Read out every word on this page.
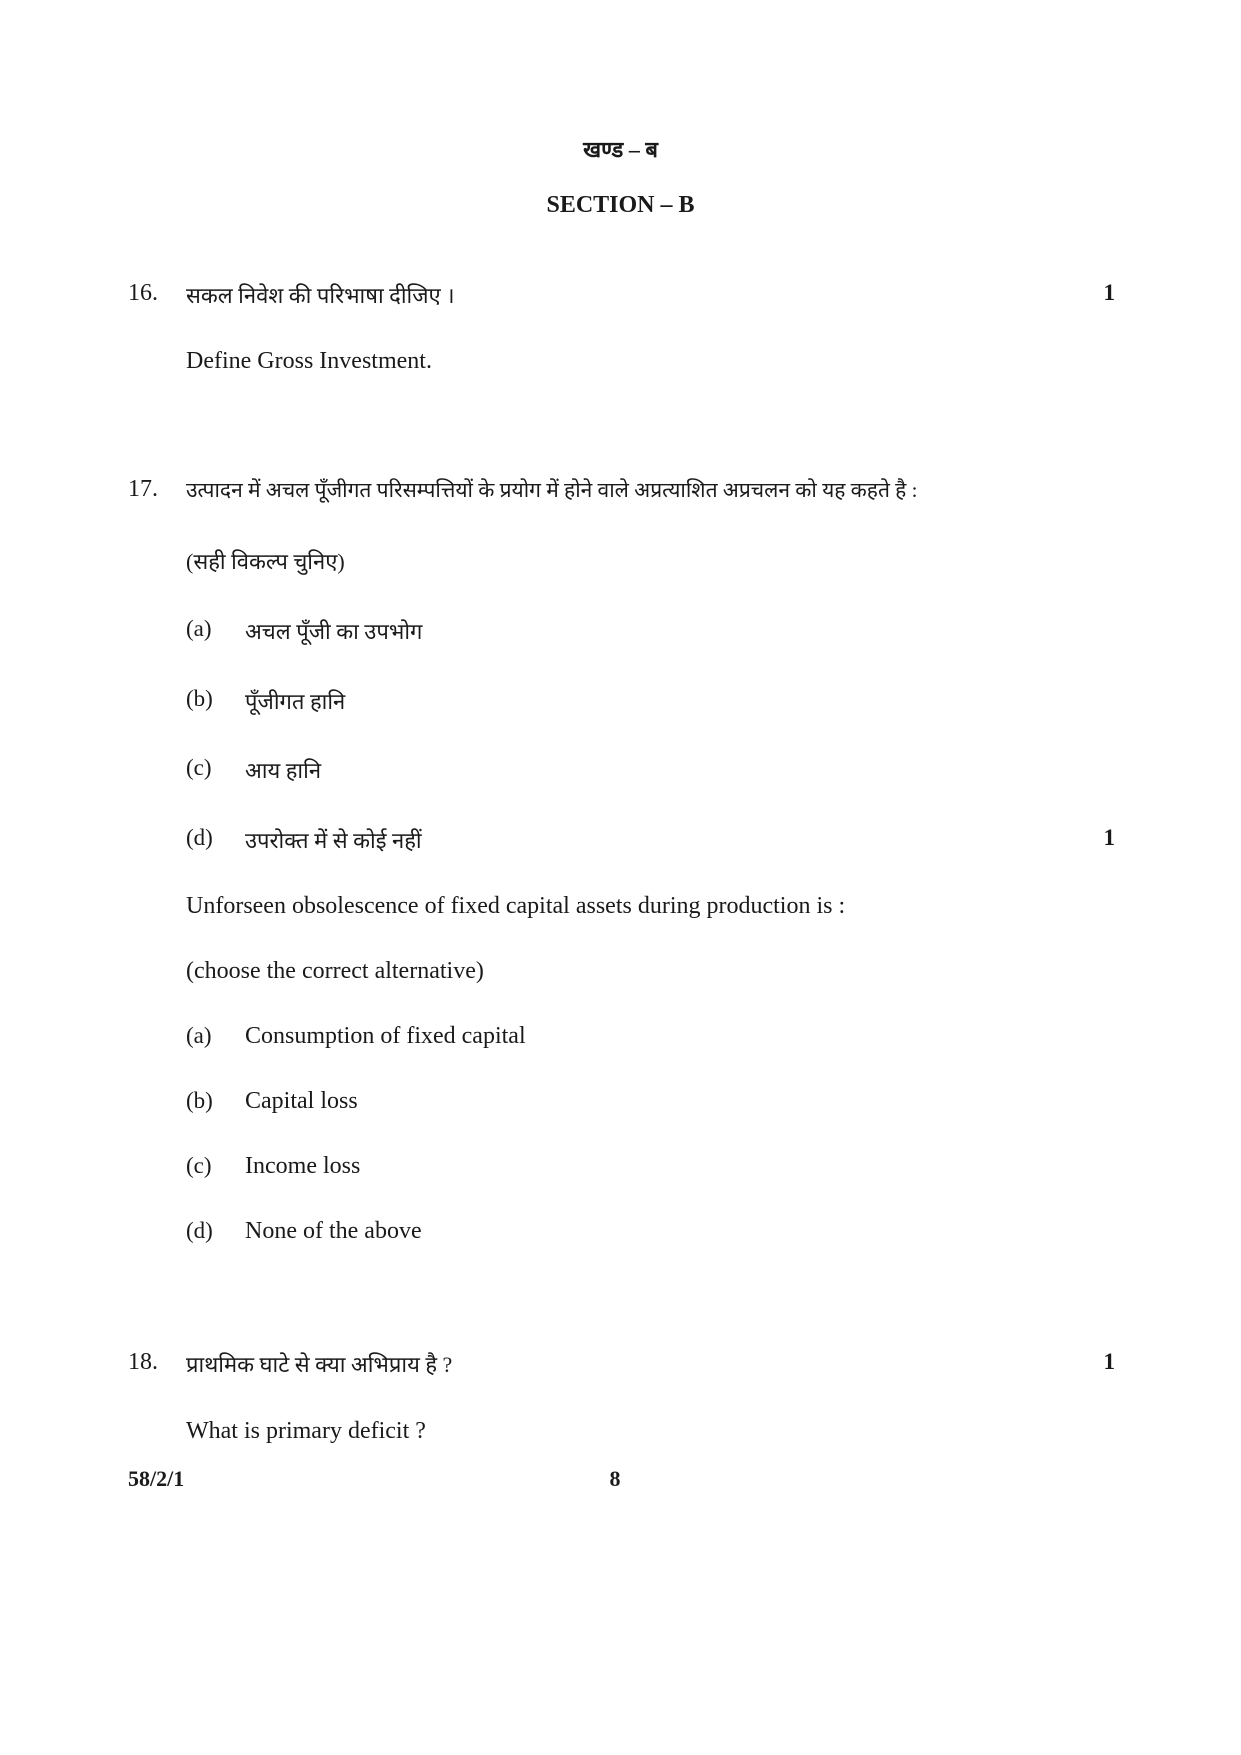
खण्ड – ब
SECTION – B
16. सकल निवेश की परिभाषा दीजिए ।	1
Define Gross Investment.
17. उत्पादन में अचल पूँजीगत परिसम्पत्तियों के प्रयोग में होने वाले अप्रत्याशित अप्रचलन को यह कहते है :
(सही विकल्प चुनिए)
(a) अचल पूँजी का उपभोग
(b) पूँजीगत हानि
(c) आय हानि
(d) उपरोक्त में से कोई नहीं	1
Unforseen obsolescence of fixed capital assets during production is :
(choose the correct alternative)
(a) Consumption of fixed capital
(b) Capital loss
(c) Income loss
(d) None of the above
18. प्राथमिक घाटे से क्या अभिप्राय है ?	1
What is primary deficit ?
58/2/1	8
